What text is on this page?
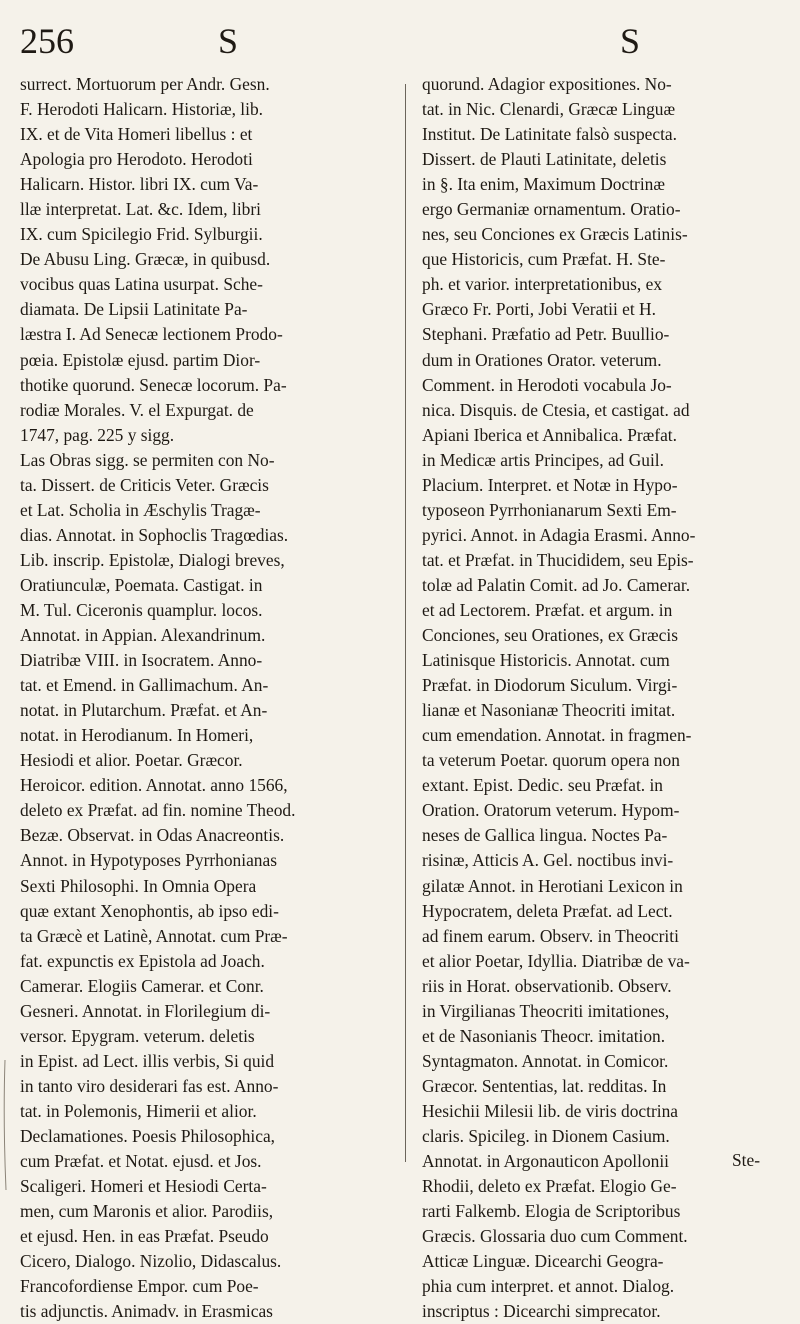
256	S	S
surrect. Mortuorum per Andr. Gesn.
F. Herodoti Halicarn. Historiæ, lib.
IX. et de Vita Homeri libellus : et
Apologia pro Herodoto. Herodoti
Halicarn. Histor. libri IX. cum Va-
llæ interpretat. Lat. &c. Idem, libri
IX. cum Spicilegio Frid. Sylburgii.
De Abusu Ling. Græcæ, in quibusd.
vocibus quas Latina usurpat. Sche-
diamata. De Lipsii Latinitate Pa-
læstra I. Ad Senecæ lectionem Prodo-
pœia. Epistolæ ejusd. partim Dior-
thotike quorund. Senecæ locorum. Pa-
rodiæ Morales. V. el Expurgat. de
1747, pag. 225 y sigg.
Las Obras sigg. se permiten con No-
ta. Dissert. de Criticis Veter. Græcis
et Lat. Scholia in Æschylis Tragæ-
dias. Annotat. in Sophoclis Tragœdias.
Lib. inscrip. Epistolæ, Dialogi breves,
Oratiunculæ, Poemata. Castigat. in
M. Tul. Ciceronis quamplur. locos.
Annotat. in Appian. Alexandrinum.
Diatribæ VIII. in Isocratem. Anno-
tat. et Emend. in Gallimachum. An-
notat. in Plutarchum. Præfat. et An-
notat. in Herodianum. In Homeri,
Hesiodi et alior. Poetar. Græcor.
Heroicor. edition. Annotat. anno 1566,
deleto ex Præfat. ad fin. nomine Theod.
Bezæ. Observat. in Odas Anacreontis.
Annot. in Hypotyposes Pyrrhonianas
Sexti Philosophi. In Omnia Opera
quæ extant Xenophontis, ab ipso edi-
ta Græcè et Latinè, Annotat. cum Præ-
fat. expunctis ex Epistola ad Joach.
Camerar. Elogiis Camerar. et Conr.
Gesneri. Annotat. in Florilegium di-
versor. Epygram. veterum. deletis
in Epist. ad Lect. illis verbis, Si quid
in tanto viro desiderari fas est. Anno-
tat. in Polemonis, Himerii et alior.
Declamationes. Poesis Philosophica,
cum Præfat. et Notat. ejusd. et Jos.
Scaligeri. Homeri et Hesiodi Certa-
men, cum Maronis et alior. Parodiis,
et ejusd. Hen. in eas Præfat. Pseudo
Cicero, Dialogo. Nizolio, Didascalus.
Francofordiense Empor. cum Poe-
tis adjunctis. Animadv. in Erasmicas
quorund. Adagior expositiones. No-
tat. in Nic. Clenardi, Græcæ Linguæ
Institut. De Latinitate falsò suspecta.
Dissert. de Plauti Latinitate, deletis
in §. Ita enim, Maximum Doctrinæ
ergo Germaniæ ornamentum. Oratio-
nes, seu Conciones ex Græcis Latinis-
que Historicis, cum Præfat. H. Ste-
ph. et varior. interpretationibus, ex
Græco Fr. Porti, Jobi Veratii et H.
Stephani. Præfatio ad Petr. Buullio-
dum in Orationes Orator. veterum.
Comment. in Herodoti vocabula Jo-
nica. Disquis. de Ctesia, et castigat. ad
Apiani Iberica et Annibalica. Præfat.
in Medicæ artis Principes, ad Guil.
Placium. Interpret. et Notæ in Hypo-
typoseon Pyrrhonianarum Sexti Em-
pyrici. Annot. in Adagia Erasmi. Anno-
tat. et Præfat. in Thucididem, seu Epis-
tolæ ad Palatin Comit. ad Jo. Camerar.
et ad Lectorem. Præfat. et argum. in
Conciones, seu Orationes, ex Græcis
Latinisque Historicis. Annotat. cum
Præfat. in Diodorum Siculum. Virgi-
lianæ et Nasonianæ Theocriti imitat.
cum emendation. Annotat. in fragmen-
ta veterum Poetar. quorum opera non
extant. Epist. Dedic. seu Præfat. in
Oration. Oratorum veterum. Hypom-
neses de Gallica lingua. Noctes Pa-
risinæ, Atticis A. Gel. noctibus invi-
gilatæ Annot. in Herotiani Lexicon in
Hypocratem, deleta Præfat. ad Lect.
ad finem earum. Observ. in Theocriti
et alior Poetar, Idyllia. Diatribæ de va-
riis in Horat. observationib. Observ.
in Virgilianas Theocriti imitationes,
et de Nasonianis Theocr. imitation.
Syntagmaton. Annotat. in Comicor.
Græcor. Sententias, lat. redditas. In
Hesichii Milesii lib. de viris doctrina
claris. Spicileg. in Dionem Casium.
Annotat. in Argonauticon Apollonii
Rhodii, deleto ex Præfat. Elogio Ge-
rarti Falkemb. Elogia de Scriptoribus
Græcis. Glossaria duo cum Comment.
Atticæ Linguæ. Dicearchi Geogra-
phia cum interpret. et annot. Dialog.
inscriptus : Dicearchi simprecator.
Ste-
